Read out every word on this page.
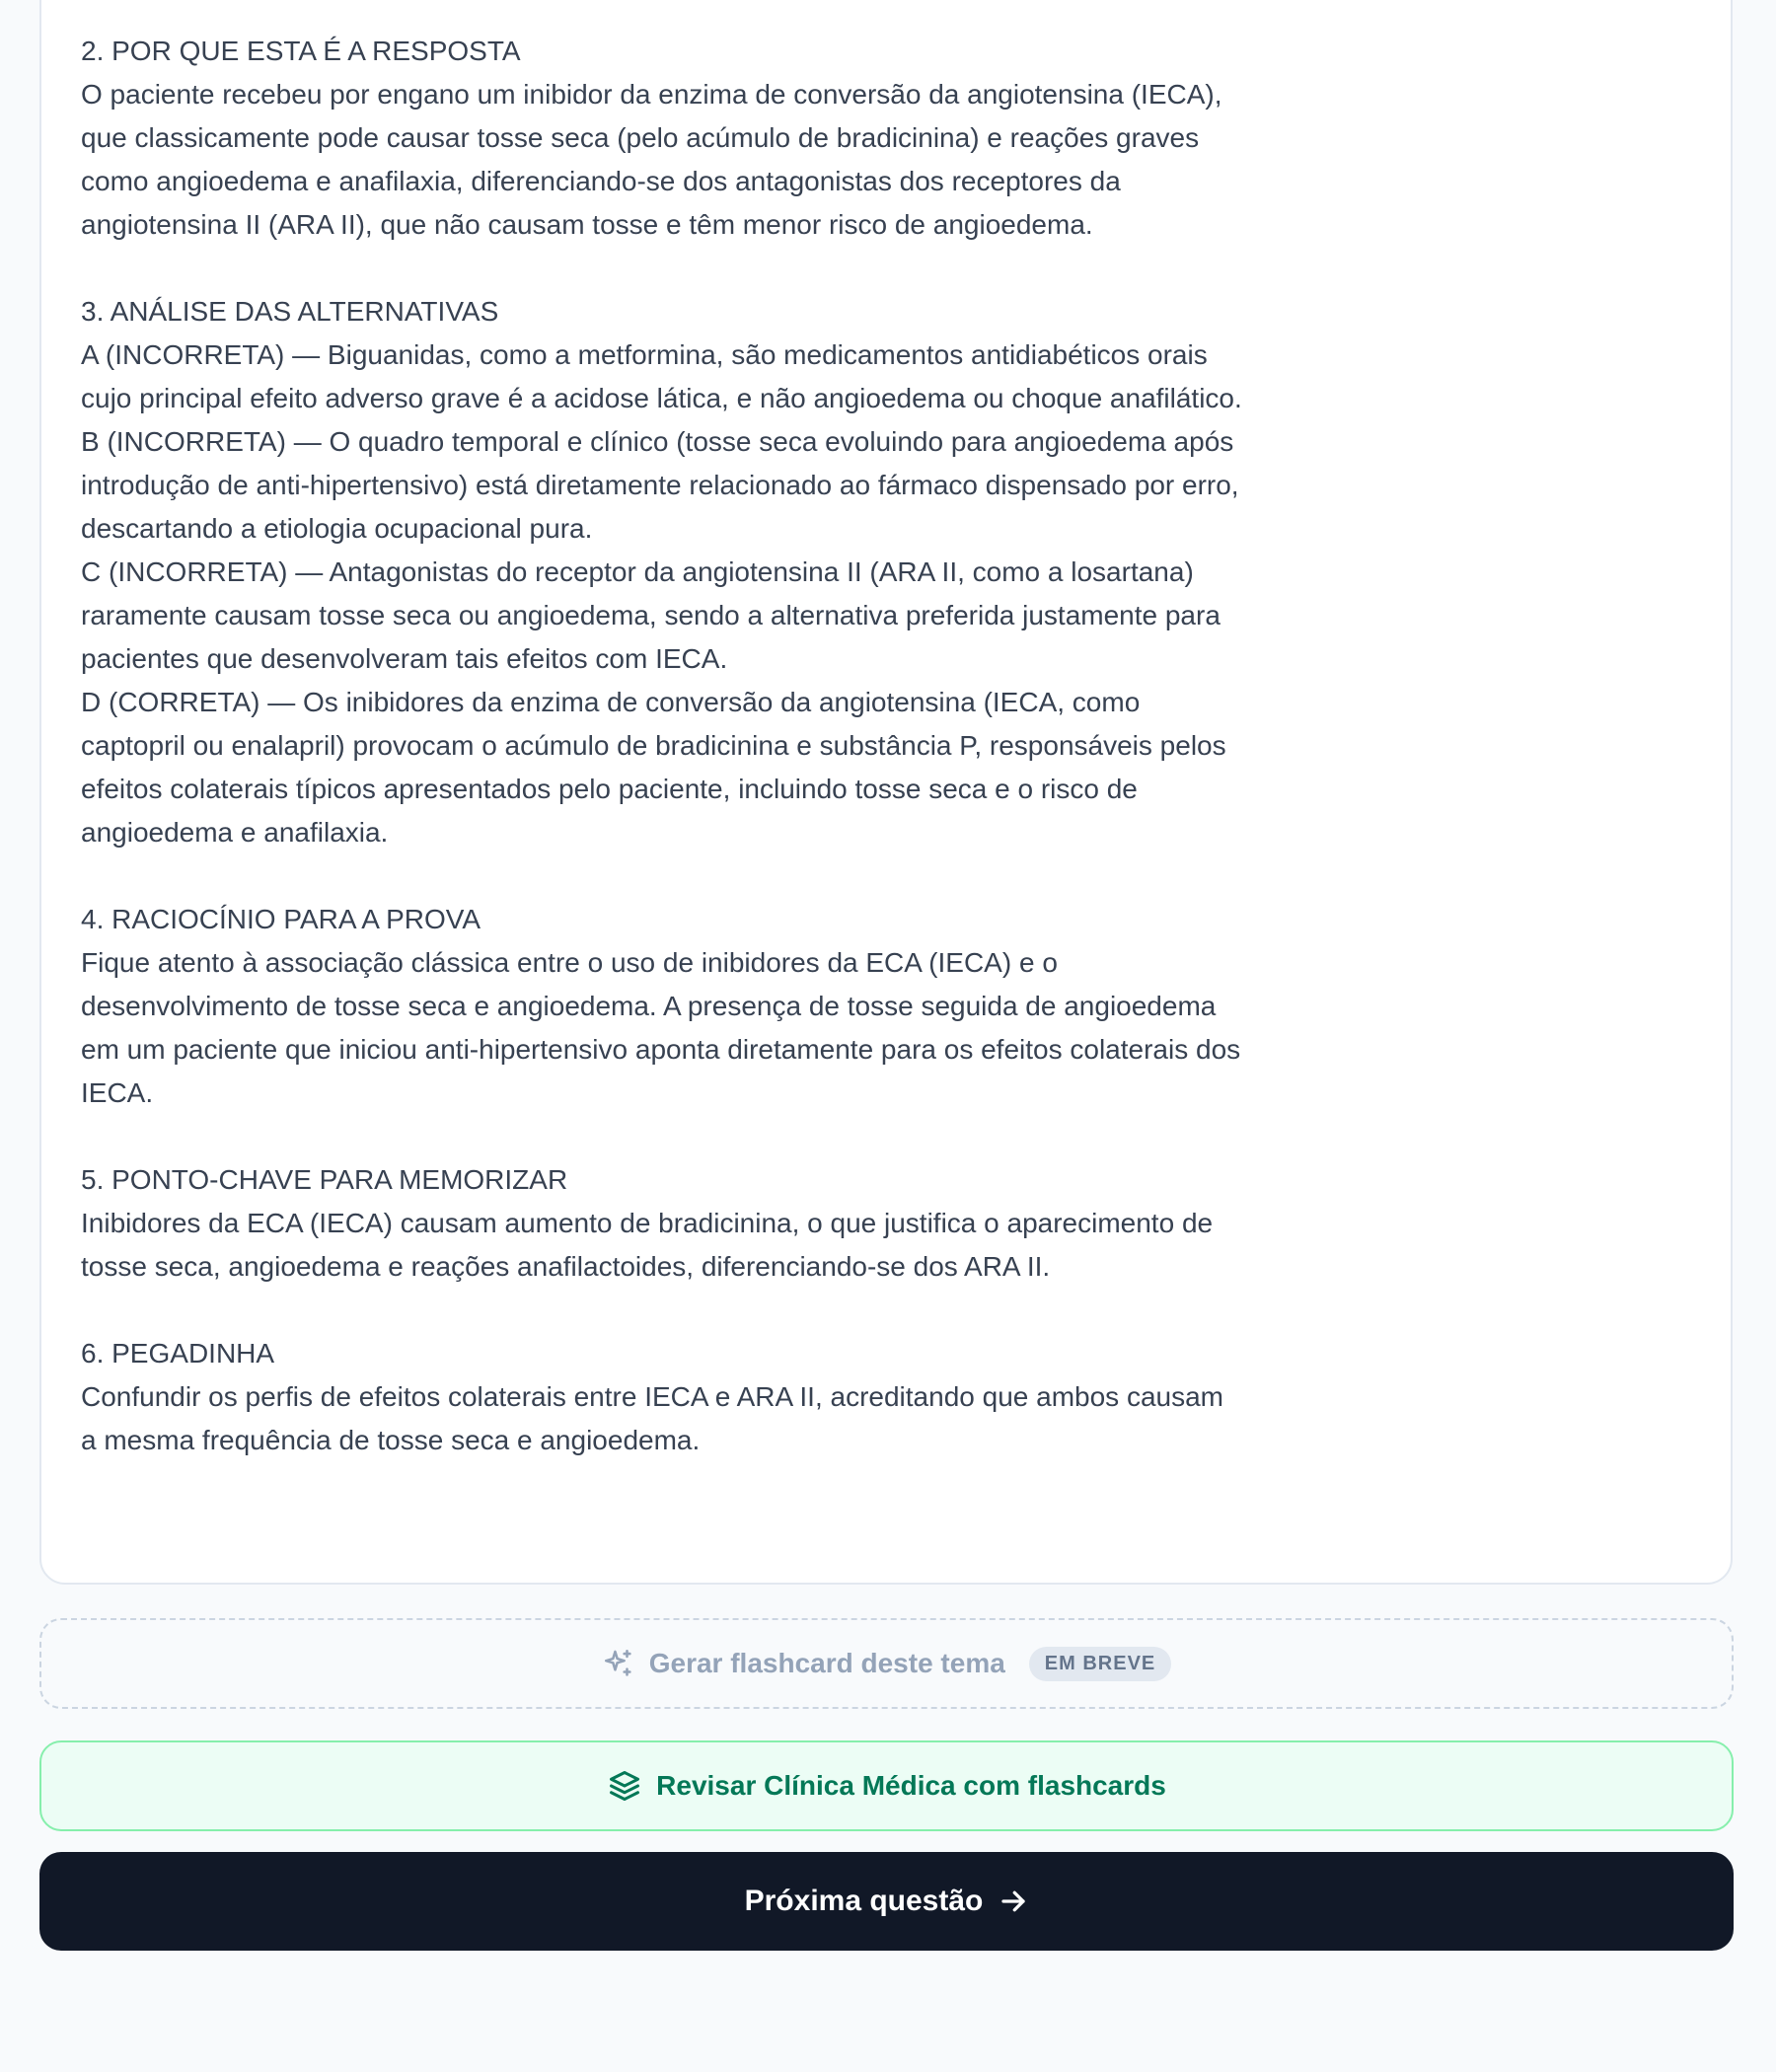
2. POR QUE ESTA É A RESPOSTA
O paciente recebeu por engano um inibidor da enzima de conversão da angiotensina (IECA), que classicamente pode causar tosse seca (pelo acúmulo de bradicinina) e reações graves como angioedema e anafilaxia, diferenciando-se dos antagonistas dos receptores da angiotensina II (ARA II), que não causam tosse e têm menor risco de angioedema.
3. ANÁLISE DAS ALTERNATIVAS
A (INCORRETA) — Biguanidas, como a metformina, são medicamentos antidiabéticos orais cujo principal efeito adverso grave é a acidose lática, e não angioedema ou choque anafilático.
B (INCORRETA) — O quadro temporal e clínico (tosse seca evoluindo para angioedema após introdução de anti-hipertensivo) está diretamente relacionado ao fármaco dispensado por erro, descartando a etiologia ocupacional pura.
C (INCORRETA) — Antagonistas do receptor da angiotensina II (ARA II, como a losartana) raramente causam tosse seca ou angioedema, sendo a alternativa preferida justamente para pacientes que desenvolveram tais efeitos com IECA.
D (CORRETA) — Os inibidores da enzima de conversão da angiotensina (IECA, como captopril ou enalapril) provocam o acúmulo de bradicinina e substância P, responsáveis pelos efeitos colaterais típicos apresentados pelo paciente, incluindo tosse seca e o risco de angioedema e anafilaxia.
4. RACIOCÍNIO PARA A PROVA
Fique atento à associação clássica entre o uso de inibidores da ECA (IECA) e o desenvolvimento de tosse seca e angioedema. A presença de tosse seguida de angioedema em um paciente que iniciou anti-hipertensivo aponta diretamente para os efeitos colaterais dos IECA.
5. PONTO-CHAVE PARA MEMORIZAR
Inibidores da ECA (IECA) causam aumento de bradicinina, o que justifica o aparecimento de tosse seca, angioedema e reações anafilactoides, diferenciando-se dos ARA II.
6. PEGADINHA
Confundir os perfis de efeitos colaterais entre IECA e ARA II, acreditando que ambos causam a mesma frequência de tosse seca e angioedema.
Gerar flashcard deste tema	EM BREVE
Revisar Clínica Médica com flashcards
Próxima questão
